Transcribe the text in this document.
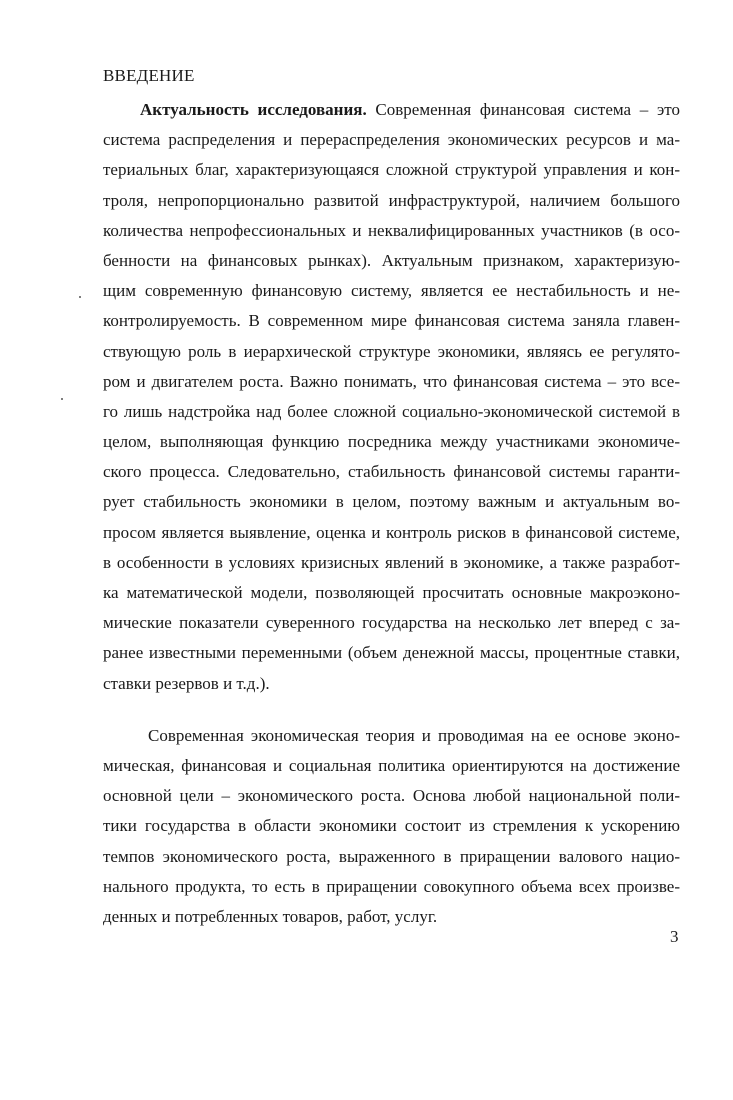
ВВЕДЕНИЕ
Актуальность исследования. Современная финансовая система – это
система распределения и перераспределения экономических ресурсов и ма-
териальных благ, характеризующаяся сложной структурой управления и кон-
троля, непропорционально развитой инфраструктурой, наличием большого
количества непрофессиональных и неквалифицированных участников (в осо-
бенности на финансовых рынках). Актуальным признаком, характеризую-
щим современную финансовую систему, является ее нестабильность и не-
контролируемость. В современном мире финансовая система заняла главен-
ствующую роль в иерархической структуре экономики, являясь ее регулято-
ром и двигателем роста. Важно понимать, что финансовая система – это все-
го лишь надстройка над более сложной социально-экономической системой в
целом, выполняющая функцию посредника между участниками экономиче-
ского процесса. Следовательно, стабильность финансовой системы гаранти-
рует стабильность экономики в целом, поэтому важным и актуальным во-
просом является выявление, оценка и контроль рисков в финансовой системе,
в особенности в условиях кризисных явлений в экономике, а также разработ-
ка математической модели, позволяющей просчитать основные макроэконо-
мические показатели суверенного государства на несколько лет вперед с за-
ранее известными переменными (объем денежной массы, процентные ставки,
ставки резервов и т.д.).
Современная экономическая теория и проводимая на ее основе эконо-
мическая, финансовая и социальная политика ориентируются на достижение
основной цели – экономического роста. Основа любой национальной поли-
тики государства в области экономики состоит из стремления к ускорению
темпов экономического роста, выраженного в приращении валового нацио-
нального продукта, то есть в приращении совокупного объема всех произве-
денных и потребленных товаров, работ, услуг.
3
